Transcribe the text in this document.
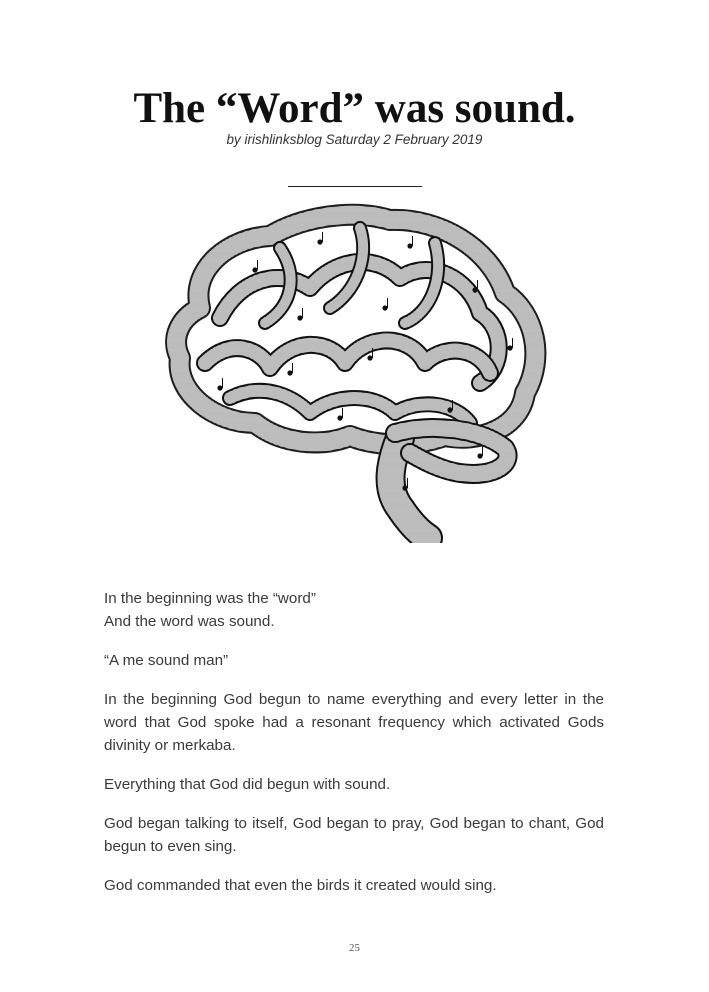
The “Word” was sound.
by irishlinksblog Saturday 2 February 2019

In the beginning was the “word”
And the word was sound.

“A me sound man”

In the beginning God begun to name everything and every letter in the word that God spoke had a resonant frequency which activated Gods divinity or merkaba.

Everything that God did begun with sound.

God began talking to itself, God began to pray, God began to chant, God begun to even sing.

God commanded that even the birds it created would sing.

25
